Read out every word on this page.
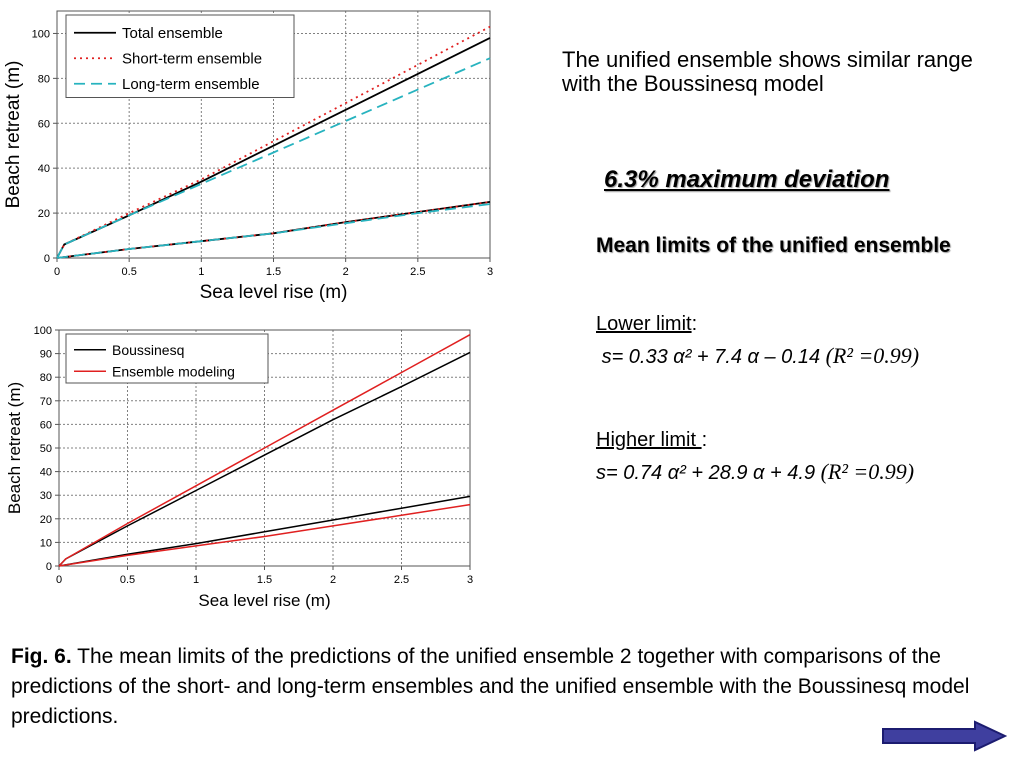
0	0.5	1	1.5	2	2.5	3
0
20
40
60
80
100
Sea level rise (m)
Beach retreat (m)
Total ensemble
Short-term ensemble
Long-term ensemble
0	0.5	1	1.5	2	2.5	3
0
10
20
30
40
50
60
70
80
90
100
Sea level rise (m)
Beach retreat (m)
Boussinesq
Ensemble modeling
The unified ensemble shows similar range with the Boussinesq model
6.3% maximum deviation
Mean limits of the unified ensemble
Lower limit:
s= 0.33 α² + 7.4 α – 0.14 (R² =0.99)
Higher limit :
s= 0.74 α² + 28.9 α + 4.9 (R² =0.99)
Fig. 6. The mean limits of the predictions of the unified ensemble 2 together with comparisons of the predictions of the short- and long-term ensembles and the unified ensemble with the Boussinesq model predictions.
